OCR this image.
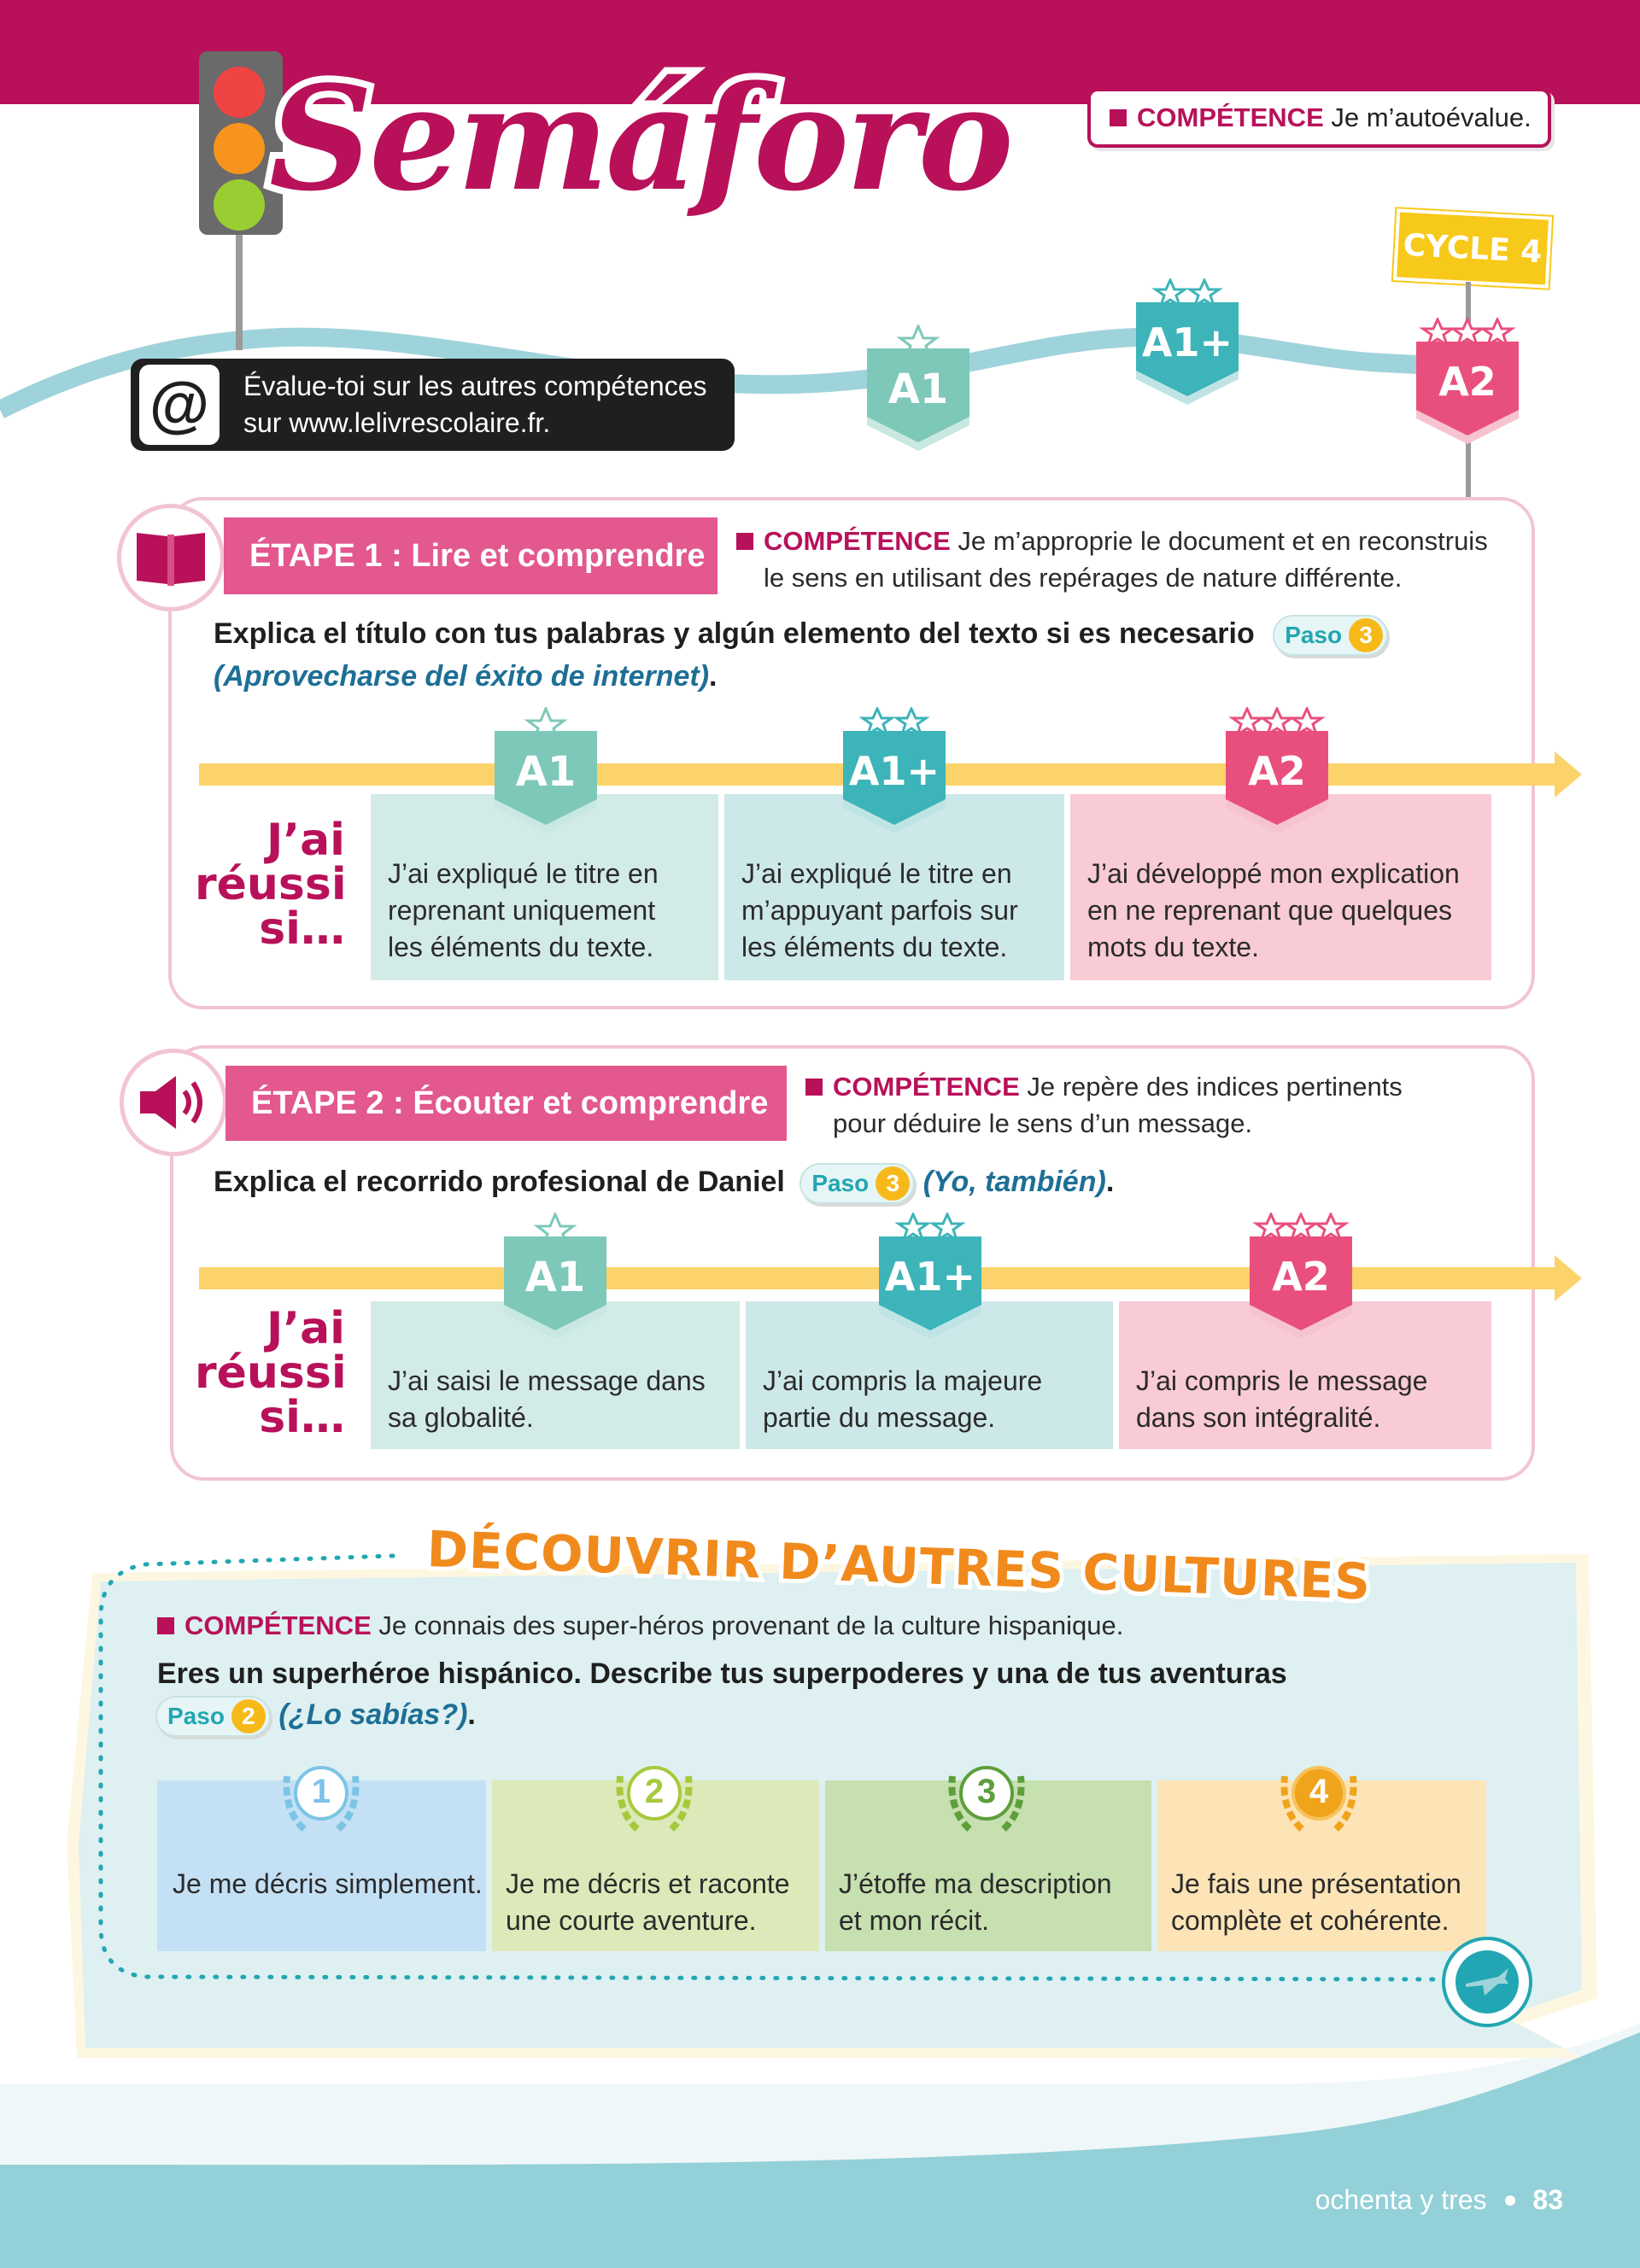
Semáforo	COMPÉTENCE
Je m’autoévalue.
CYCLE 4
A1
A1+
A2
@	Évalue-toi sur les autres compétences
sur www.lelivrescolaire.fr.
ÉTAPE 1 : Lire et comprendre	COMPÉTENCE Je m’approprie le document et en reconstruis
le sens en utilisant des repérages de nature différente.
Explica el título con tus palabras y algún elemento del texto si es necesario Paso 3
(Aprovecharse del éxito de internet).
J’ai
réussi
si…
J’ai expliqué le titre en
reprenant uniquement
les éléments du texte.
J’ai expliqué le titre en
m’appuyant parfois sur
les éléments du texte.
J’ai développé mon explication
en ne reprenant que quelques
mots du texte.
A1	A1+	A2
ÉTAPE 2 : Écouter et comprendre	COMPÉTENCE Je repère des indices pertinents
pour déduire le sens d’un message.
Explica el recorrido profesional de Daniel Paso 3 (Yo, también).
J’ai
réussi
si…
J’ai saisi le message dans
sa globalité.
J’ai compris la majeure
partie du message.
J’ai compris le message
dans son intégralité.
A1	A1+	A2
DÉCOUVRIR D’AUTRES CULTURES
COMPÉTENCE Je connais des super-héros provenant de la culture hispanique.
Eres un superhéroe hispánico. Describe tus superpoderes y una de tus aventuras
Paso 2 (¿Lo sabías?).
Je me décris simplement. Je me décris et raconte
une courte aventure.
J’étoffe ma description
et mon récit.
Je fais une présentation
complète et cohérente.
1	2	3	4
ochenta y tres 83
